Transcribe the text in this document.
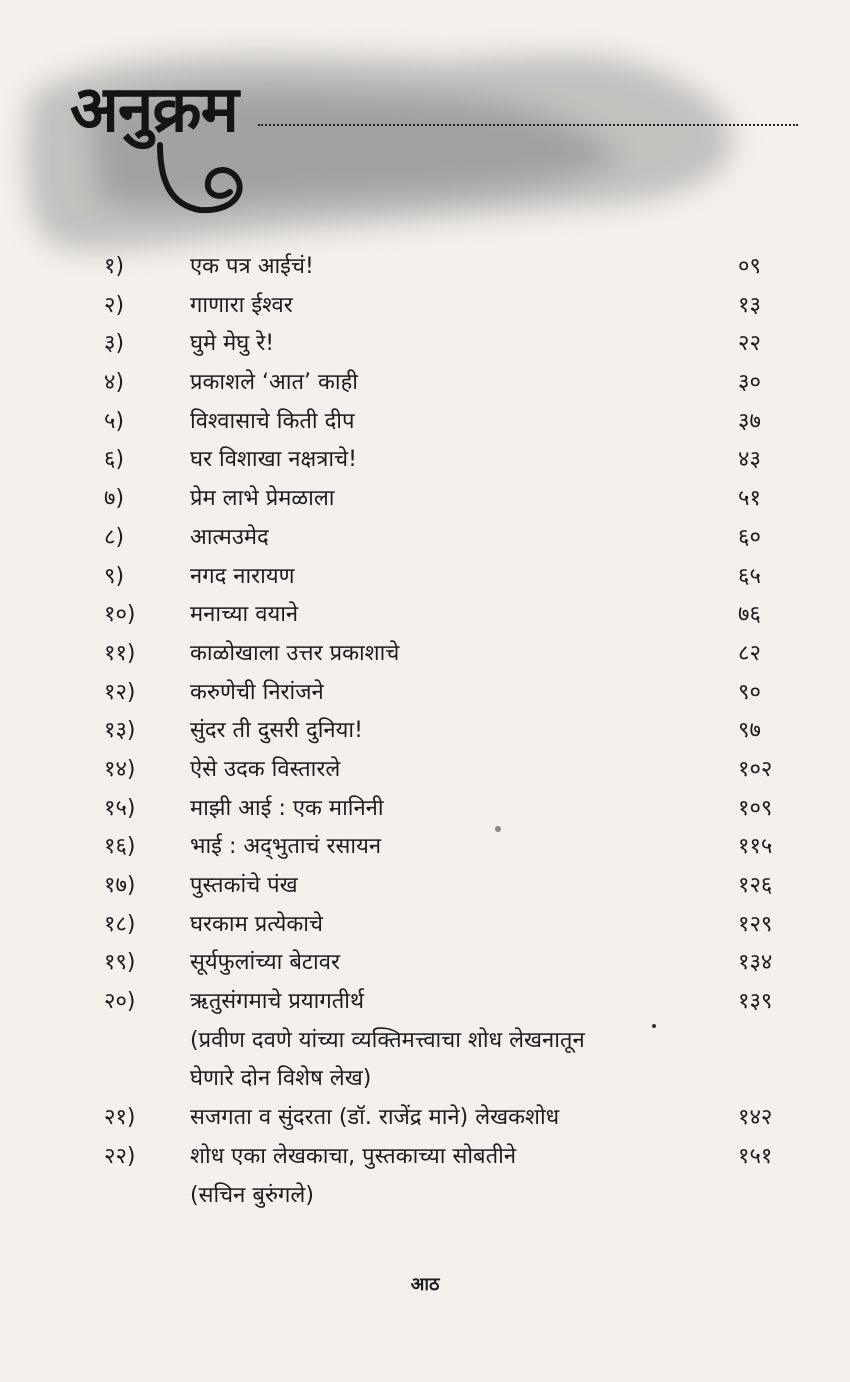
अनुक्रम
१)	एक पत्र आईचं!	०९
२)	गाणारा ईश्वर	१३
३)	घुमे मेघु रे!	२२
४)	प्रकाशले ‘आत’ काही	३०
५)	विश्वासाचे किती दीप	३७
६)	घर विशाखा नक्षत्राचे!	४३
७)	प्रेम लाभे प्रेमळाला	५१
८)	आत्मउमेद	६०
९)	नगद नारायण	६५
१०)	मनाच्या वयाने	७६
११)	काळोखाला उत्तर प्रकाशाचे	८२
१२)	करुणेची निरांजने	९०
१३)	सुंदर ती दुसरी दुनिया!	९७
१४)	ऐसे उदक विस्तारले	१०२
१५)	माझी आई : एक मानिनी	१०९
१६)	भाई : अद्‌भुताचं रसायन	११५
१७)	पुस्तकांचे पंख	१२६
१८)	घरकाम प्रत्येकाचे	१२९
१९)	सूर्यफुलांच्या बेटावर	१३४
२०)	ऋतुसंगमाचे प्रयागतीर्थ	१३९
(प्रवीण दवणे यांच्या व्यक्तिमत्त्वाचा शोध लेखनातून
घेणारे दोन विशेष लेख)
२१)	सजगता व सुंदरता (डॉ. राजेंद्र माने) लेखकशोध	१४२
२२)	शोध एका लेखकाचा, पुस्तकाच्या सोबतीने	१५१
(सचिन बुरुंगले)
आठ
